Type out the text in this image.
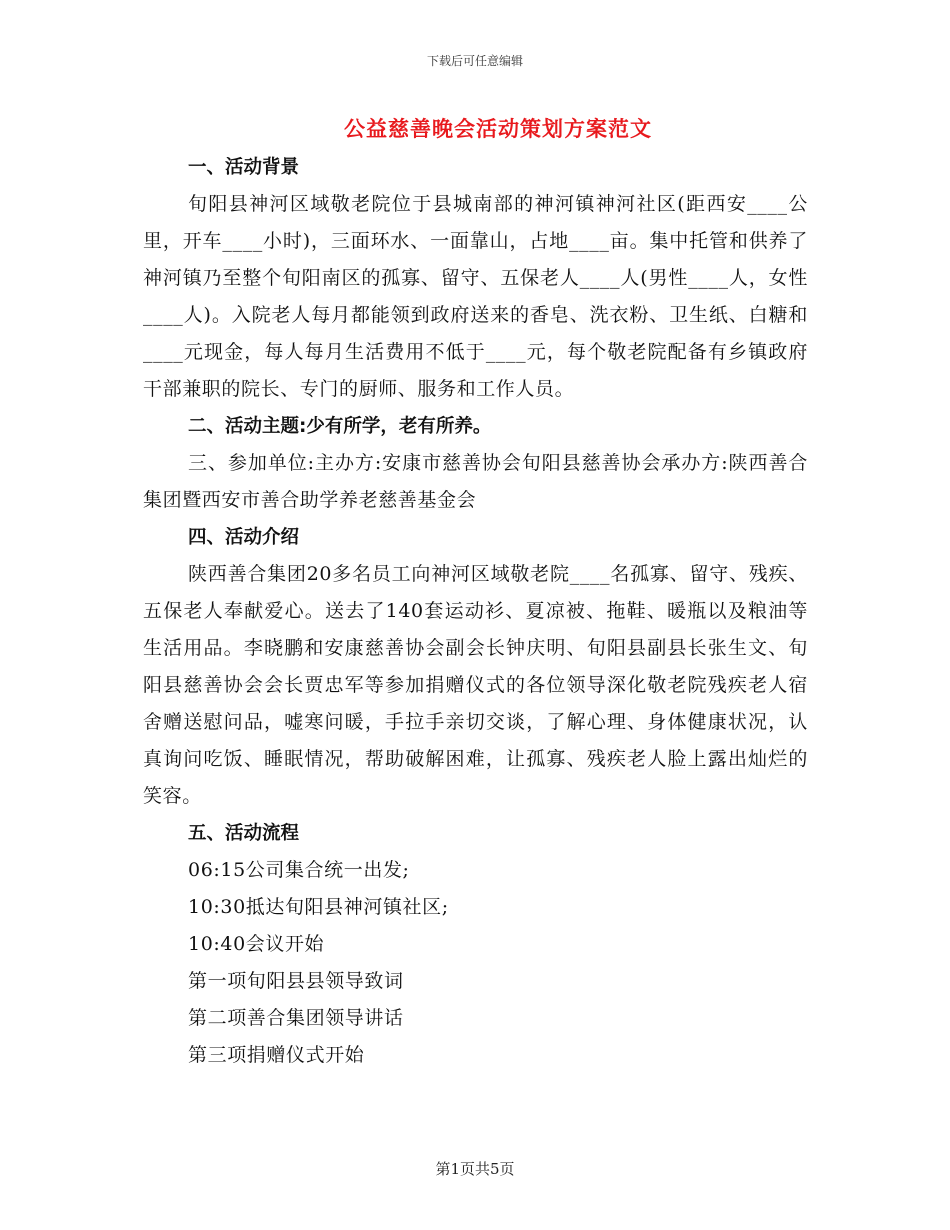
下载后可任意编辑
公益慈善晚会活动策划方案范文
一、活动背景
旬阳县神河区域敬老院位于县城南部的神河镇神河社区(距西安____公里，开车____小时)，三面环水、一面靠山，占地____亩。集中托管和供养了神河镇乃至整个旬阳南区的孤寡、留守、五保老人____人(男性____人，女性____人)。入院老人每月都能领到政府送来的香皂、洗衣粉、卫生纸、白糖和____元现金，每人每月生活费用不低于____元，每个敬老院配备有乡镇政府干部兼职的院长、专门的厨师、服务和工作人员。
二、活动主题:少有所学，老有所养。
三、参加单位:主办方:安康市慈善协会旬阳县慈善协会承办方:陕西善合集团暨西安市善合助学养老慈善基金会
四、活动介绍
陕西善合集团20多名员工向神河区域敬老院____名孤寡、留守、残疾、五保老人奉献爱心。送去了140套运动衫、夏凉被、拖鞋、暖瓶以及粮油等生活用品。李晓鹏和安康慈善协会副会长钟庆明、旬阳县副县长张生文、旬阳县慈善协会会长贾忠军等参加捐赠仪式的各位领导深化敬老院残疾老人宿舍赠送慰问品，嘘寒问暖，手拉手亲切交谈，了解心理、身体健康状况，认真询问吃饭、睡眠情况，帮助破解困难，让孤寡、残疾老人脸上露出灿烂的笑容。
五、活动流程
06:15公司集合统一出发;
10:30抵达旬阳县神河镇社区;
10:40会议开始
第一项旬阳县县领导致词
第二项善合集团领导讲话
第三项捐赠仪式开始
第1页共5页
